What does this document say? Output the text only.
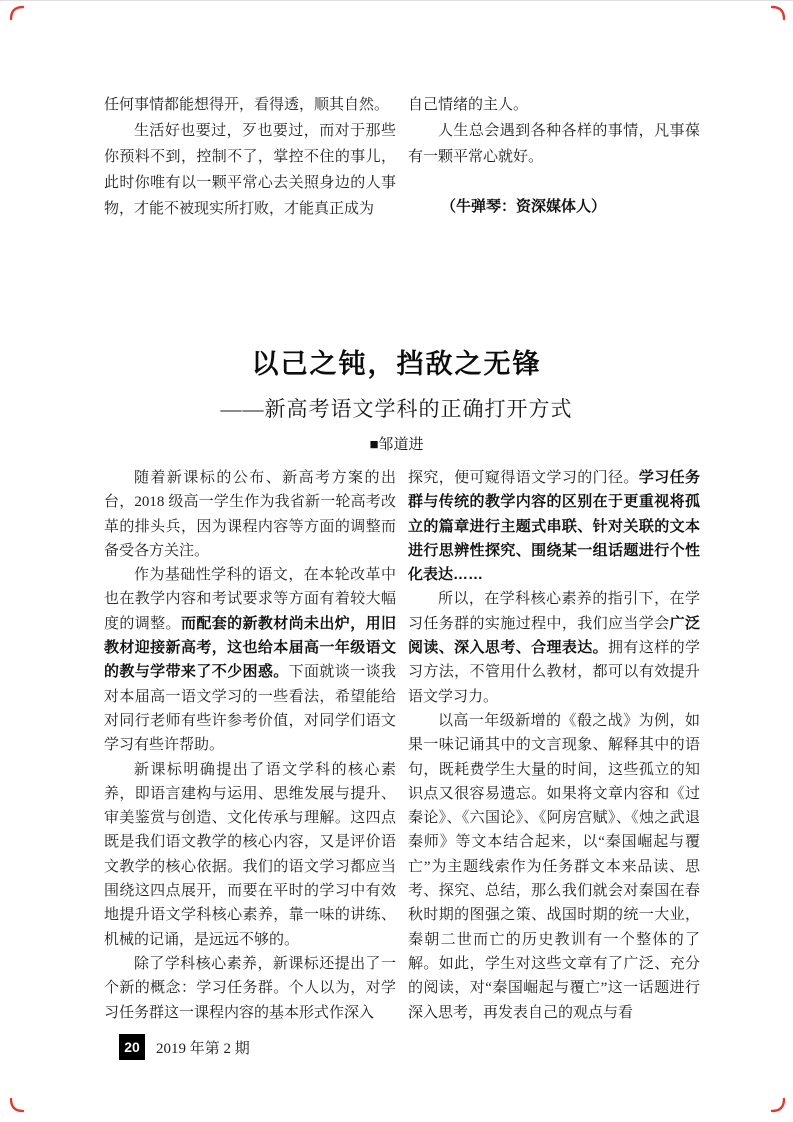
任何事情都能想得开，看得透，顺其自然。

生活好也要过，歹也要过，而对于那些你预料不到，控制不了，掌控不住的事儿，此时你唯有以一颗平常心去关照身边的人事物，才能不被现实所打败，才能真正成为

自己情绪的主人。

人生总会遇到各种各样的事情，凡事葆有一颗平常心就好。

（牛弹琴：资深媒体人）

以己之钝，挡敌之无锋
——新高考语文学科的正确打开方式
■邹道进

随着新课标的公布、新高考方案的出台，2018 级高一学生作为我省新一轮高考改革的排头兵，因为课程内容等方面的调整而备受各方关注。

作为基础性学科的语文，在本轮改革中也在教学内容和考试要求等方面有着较大幅度的调整。而配套的新教材尚未出炉，用旧教材迎接新高考，这也给本届高一年级语文的教与学带来了不少困惑。下面就谈一谈我对本届高一语文学习的一些看法，希望能给对同行老师有些许参考价值，对同学们语文学习有些许帮助。

新课标明确提出了语文学科的核心素养，即语言建构与运用、思维发展与提升、审美鉴赏与创造、文化传承与理解。这四点既是我们语文教学的核心内容，又是评价语文教学的核心依据。我们的语文学习都应当围绕这四点展开，而要在平时的学习中有效地提升语文学科核心素养，靠一味的讲练、机械的记诵，是远远不够的。

除了学科核心素养，新课标还提出了一个新的概念：学习任务群。个人以为，对学习任务群这一课程内容的基本形式作深入

探究，便可窥得语文学习的门径。学习任务群与传统的教学内容的区别在于更重视将孤立的篇章进行主题式串联、针对关联的文本进行思辨性探究、围绕某一组话题进行个性化表达……

所以，在学科核心素养的指引下，在学习任务群的实施过程中，我们应当学会广泛阅读、深入思考、合理表达。拥有这样的学习方法，不管用什么教材，都可以有效提升语文学习力。

以高一年级新增的《殽之战》为例，如果一味记诵其中的文言现象、解释其中的语句，既耗费学生大量的时间，这些孤立的知识点又很容易遗忘。如果将文章内容和《过秦论》、《六国论》、《阿房宫赋》、《烛之武退秦师》等文本结合起来，以“秦国崛起与覆亡”为主题线索作为任务群文本来品读、思考、探究、总结，那么我们就会对秦国在春秋时期的图强之策、战国时期的统一大业，秦朝二世而亡的历史教训有一个整体的了解。如此，学生对这些文章有了广泛、充分的阅读，对“秦国崛起与覆亡”这一话题进行深入思考，再发表自己的观点与看

20	2019 年第 2 期
